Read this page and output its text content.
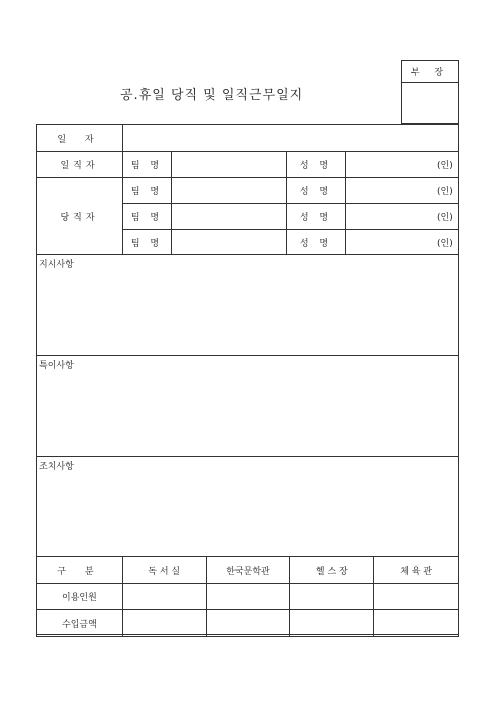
부 장
공.휴일 당직 및 일직근무일지
일 자
일직자	팀 명	성 명	(인)
당직자
팀 명	성 명	(인)
팀 명	성 명	(인)
팀 명	성 명	(인)
지시사항
특이사항
조치사항
구 분	독 서 실	한국문학관	헬 스 장	체 육 관
이용인원				
수입금액				
